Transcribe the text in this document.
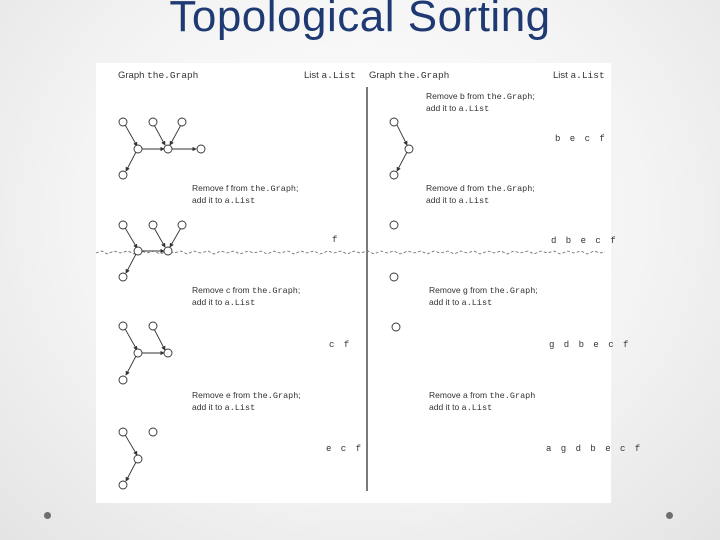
Topological Sorting
Graph the.Graph	List a.List Graph the.Graph	List a.List
Remove f from the.Graph;
add it to a.List
f
Remove c from the.Graph;
add it to a.List
c f
Remove e from the.Graph;
add it to a.List
e c f
Remove b from the.Graph;
add it to a.List
b e c f
Remove d from the.Graph;
add it to a.List
d b e c f
Remove g from the.Graph;
add it to a.List
g d b e c f
Remove a from the.Graph
add it to a.List
a g d b e c f
